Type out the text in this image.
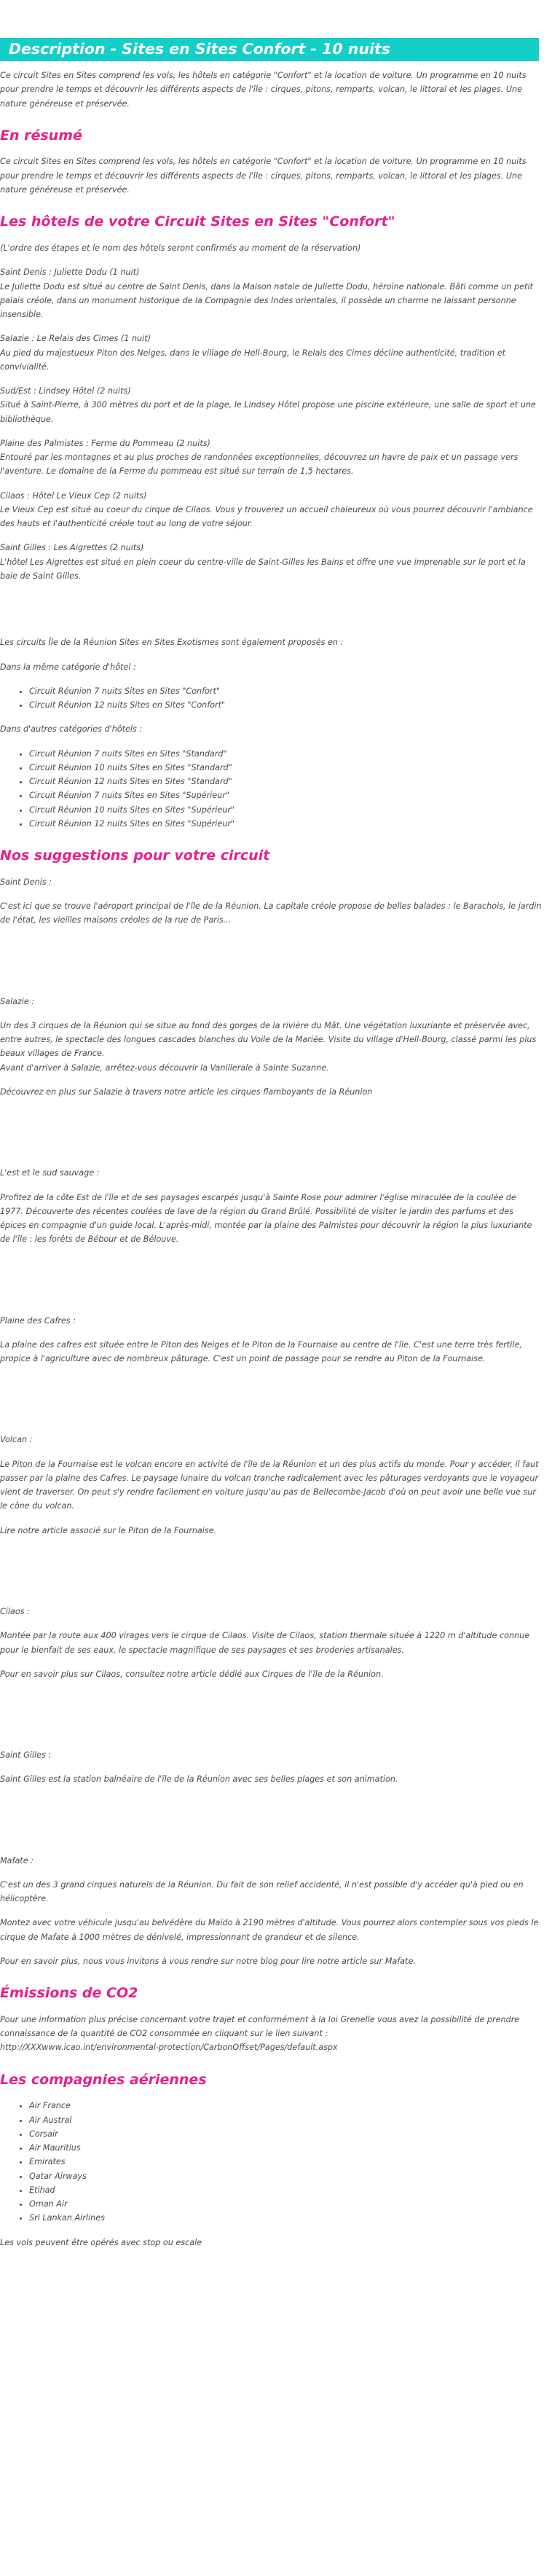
Description - Sites en Sites Confort - 10 nuits

Ce circuit Sites en Sites comprend les vols, les hôtels en catégorie "Confort" et la location de voiture. Un programme en 10 nuits pour prendre le temps et découvrir les différents aspects de l'île : cirques, pitons, remparts, volcan, le littoral et les plages. Une nature généreuse et préservée.

En résumé

Ce circuit Sites en Sites comprend les vols, les hôtels en catégorie "Confort" et la location de voiture. Un programme en 10 nuits pour prendre le temps et découvrir les différents aspects de l'île : cirques, pitons, remparts, volcan, le littoral et les plages. Une nature généreuse et préservée.

Les hôtels de votre Circuit Sites en Sites "Confort"

(L'ordre des étapes et le nom des hôtels seront confirmés au moment de la réservation)

Saint Denis : Juliette Dodu (1 nuit)
Le Juliette Dodu est situé au centre de Saint Denis, dans la Maison natale de Juliette Dodu, héroïne nationale. Bâti comme un petit palais créole, dans un monument historique de la Compagnie des Indes orientales, il possède un charme ne laissant personne insensible.
Salazie : Le Relais des Cimes (1 nuit)
Au pied du majestueux Piton des Neiges, dans le village de Hell-Bourg, le Relais des Cimes décline authenticité, tradition et convivialité.
Sud/Est : Lindsey Hôtel (2 nuits)
Situé à Saint-Pierre, à 300 mètres du port et de la plage, le Lindsey Hôtel propose une piscine extérieure, une salle de sport et une bibliothèque.
Plaine des Palmistes : Ferme du Pommeau (2 nuits)
Entouré par les montagnes et au plus proches de randonnées exceptionnelles, découvrez un havre de paix et un passage vers l'aventure. Le domaine de la Ferme du pommeau est situé sur terrain de 1,5 hectares.
Cilaos : Hôtel Le Vieux Cep (2 nuits)
Le Vieux Cep est situé au coeur du cirque de Cilaos. Vous y trouverez un accueil chaleureux où vous pourrez découvrir l'ambiance des hauts et l'authenticité créole tout au long de votre séjour.
Saint Gilles : Les Aigrettes (2 nuits)
L'hôtel Les Aigrettes est situé en plein coeur du centre-ville de Saint-Gilles les Bains et offre une vue imprenable sur le port et la baie de Saint Gilles.

Les circuits Île de la Réunion Sites en Sites Exotismes sont également proposés en :

Dans la même catégorie d'hôtel :

• Circuit Réunion 7 nuits Sites en Sites "Confort"
• Circuit Réunion 12 nuits Sites en Sites "Confort"

Dans d'autres catégories d'hôtels :

• Circuit Réunion 7 nuits Sites en Sites "Standard"
• Circuit Réunion 10 nuits Sites en Sites "Standard"
• Circuit Réunion 12 nuits Sites en Sites "Standard"
• Circuit Réunion 7 nuits Sites en Sites "Supérieur"
• Circuit Réunion 10 nuits Sites en Sites "Supérieur"
• Circuit Réunion 12 nuits Sites en Sites "Supérieur"
Nos suggestions pour votre circuit
Saint Denis :

C'est ici que se trouve l'aéroport principal de l'île de la Réunion. La capitale créole propose de belles balades : le Barachois, le jardin de l'état, les vieilles maisons créoles de la rue de Paris...

Salazie :

Un des 3 cirques de la Réunion qui se situe au fond des gorges de la rivière du Mât. Une végétation luxuriante et préservée avec, entre autres, le spectacle des longues cascades blanches du Voile de la Mariée. Visite du village d'Hell-Bourg, classé parmi les plus beaux villages de France.

Avant d'arriver à Salazie, arrêtez-vous découvrir la Vanillerale à Sainte Suzanne.

Découvrez en plus sur Salazie à travers notre article les cirques flamboyants de la Réunion

L'est et le sud sauvage :

Profitez de la côte Est de l'île et de ses paysages escarpés jusqu'à Sainte Rose pour admirer l'église miraculée de la coulée de 1977. Découverte des récentes coulées de lave de la région du Grand Brûlé. Possibilité de visiter le jardin des parfums et des épices en compagnie d'un guide local. L'après-midi, montée par la plaine des Palmistes pour découvrir la région la plus luxuriante de l'île : les forêts de Bébour et de Bélouve.

Plaine des Cafres :

La plaine des cafres est située entre le Piton des Neiges et le Piton de la Fournaise au centre de l'île. C'est une terre très fertile, propice à l'agriculture avec de nombreux pâturage. C'est un point de passage pour se rendre au Piton de la Fournaise.

Volcan :

Le Piton de la Fournaise est le volcan encore en activité de l'île de la Réunion et un des plus actifs du monde. Pour y accéder, il faut passer par la plaine des Cafres. Le paysage lunaire du volcan tranche radicalement avec les pâturages verdoyants que le voyageur vient de traverser. On peut s'y rendre facilement en voiture jusqu'au pas de Bellecombe-Jacob d'où on peut avoir une belle vue sur le cône du volcan.

Lire notre article associé sur le Piton de la Fournaise.

Cilaos :

Montée par la route aux 400 virages vers le cirque de Cilaos. Visite de Cilaos, station thermale située à 1220 m d'altitude connue pour le bienfait de ses eaux, le spectacle magnifique de ses paysages et ses broderies artisanales.

Pour en savoir plus sur Cilaos, consultez notre article dédié aux Cirques de l'île de la Réunion.

Saint Gilles :

Saint Gilles est la station balnéaire de l'île de la Réunion avec ses belles plages et son animation.

Mafate :

C'est un des 3 grand cirques naturels de la Réunion. Du fait de son relief accidenté, il n'est possible d'y accéder qu'à pied ou en hélicoptère.

Montez avec votre véhicule jusqu'au belvédère du Maïdo à 2190 mètres d'altitude. Vous pourrez alors contempler sous vos pieds le cirque de Mafate à 1000 mètres de dénivelé, impressionnant de grandeur et de silence.

Pour en savoir plus, nous vous invitons à vous rendre sur notre blog pour lire notre article sur Mafate.

Émissions de CO2

Pour une information plus précise concernant votre trajet et conformément à la loi Grenelle vous avez la possibilité de prendre connaissance de la quantité de CO2 consommée en cliquant sur le lien suivant :
http://XXXwww.icao.int/environmental-protection/CarbonOffset/Pages/default.aspx

Les compagnies aériennes
• Air France
• Air Austral
• Corsair
• Air Mauritius
• Emirates
• Qatar Airways
• Etihad
• Oman Air
• Sri Lankan Airlines

Les vols peuvent être opérés avec stop ou escale
